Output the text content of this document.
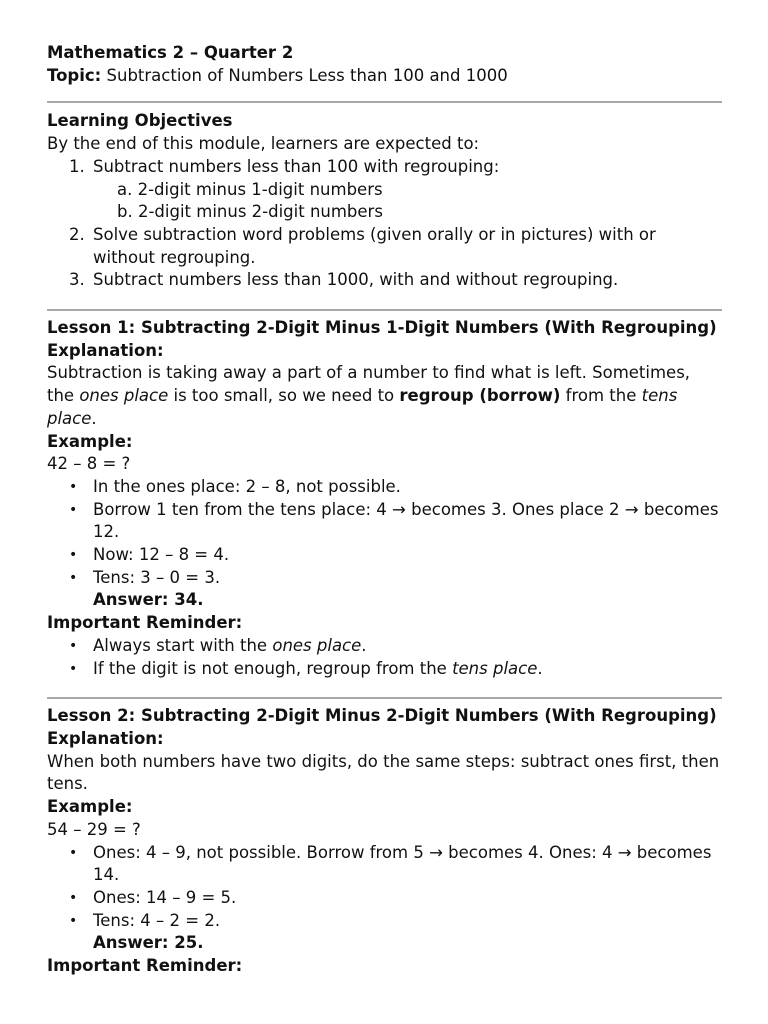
Mathematics 2 – Quarter 2

Topic: Subtraction of Numbers Less than 100 and 1000

Learning Objectives

By the end of this module, learners are expected to:

1. Subtract numbers less than 100 with regrouping:
a. 2-digit minus 1-digit numbers
b. 2-digit minus 2-digit numbers
2. Solve subtraction word problems (given orally or in pictures) with or without regrouping.
3. Subtract numbers less than 1000, with and without regrouping.

Lesson 1: Subtracting 2-Digit Minus 1-Digit Numbers (With Regrouping)

Explanation:

Subtraction is taking away a part of a number to find what is left. Sometimes, the ones place is too small, so we need to regroup (borrow) from the tens place.

Example:

42 – 8 = ?

• In the ones place: 2 – 8, not possible.
• Borrow 1 ten from the tens place: 4 → becomes 3. Ones place 2 → becomes 12.
• Now: 12 – 8 = 4.
• Tens: 3 – 0 = 3.

Answer: 34.

Important Reminder:

• Always start with the ones place.
• If the digit is not enough, regroup from the tens place.

Lesson 2: Subtracting 2-Digit Minus 2-Digit Numbers (With Regrouping)

Explanation:

When both numbers have two digits, do the same steps: subtract ones first, then tens.

Example:

54 – 29 = ?

• Ones: 4 – 9, not possible. Borrow from 5 → becomes 4. Ones: 4 → becomes 14.
• Ones: 14 – 9 = 5.
• Tens: 4 – 2 = 2.

Answer: 25.

Important Reminder:
